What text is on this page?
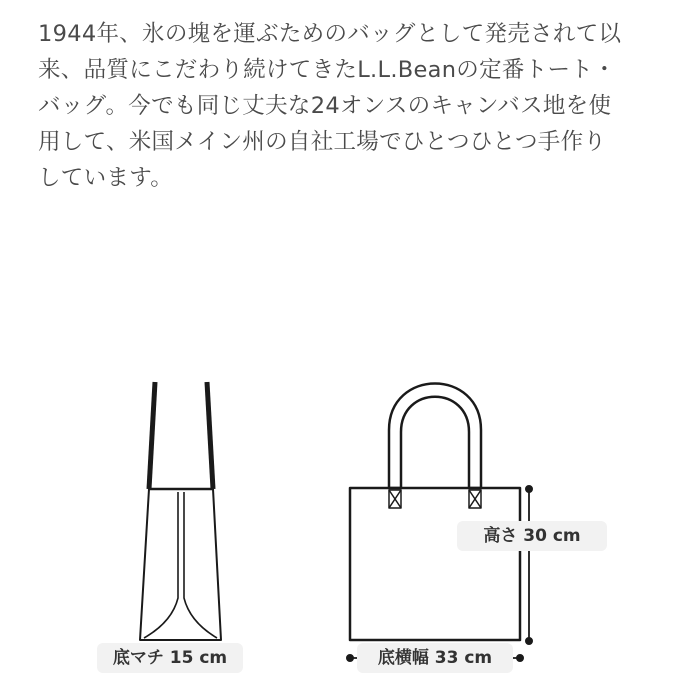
1944年、氷の塊を運ぶためのバッグとして発売されて以
来、品質にこだわり続けてきたL.L.Beanの定番トート・
バッグ。今でも同じ丈夫な24オンスのキャンバス地を使
用して、米国メイン州の自社工場でひとつひとつ手作り
しています。
底マチ 15 cm
高さ 30 cm
底横幅 33 cm
